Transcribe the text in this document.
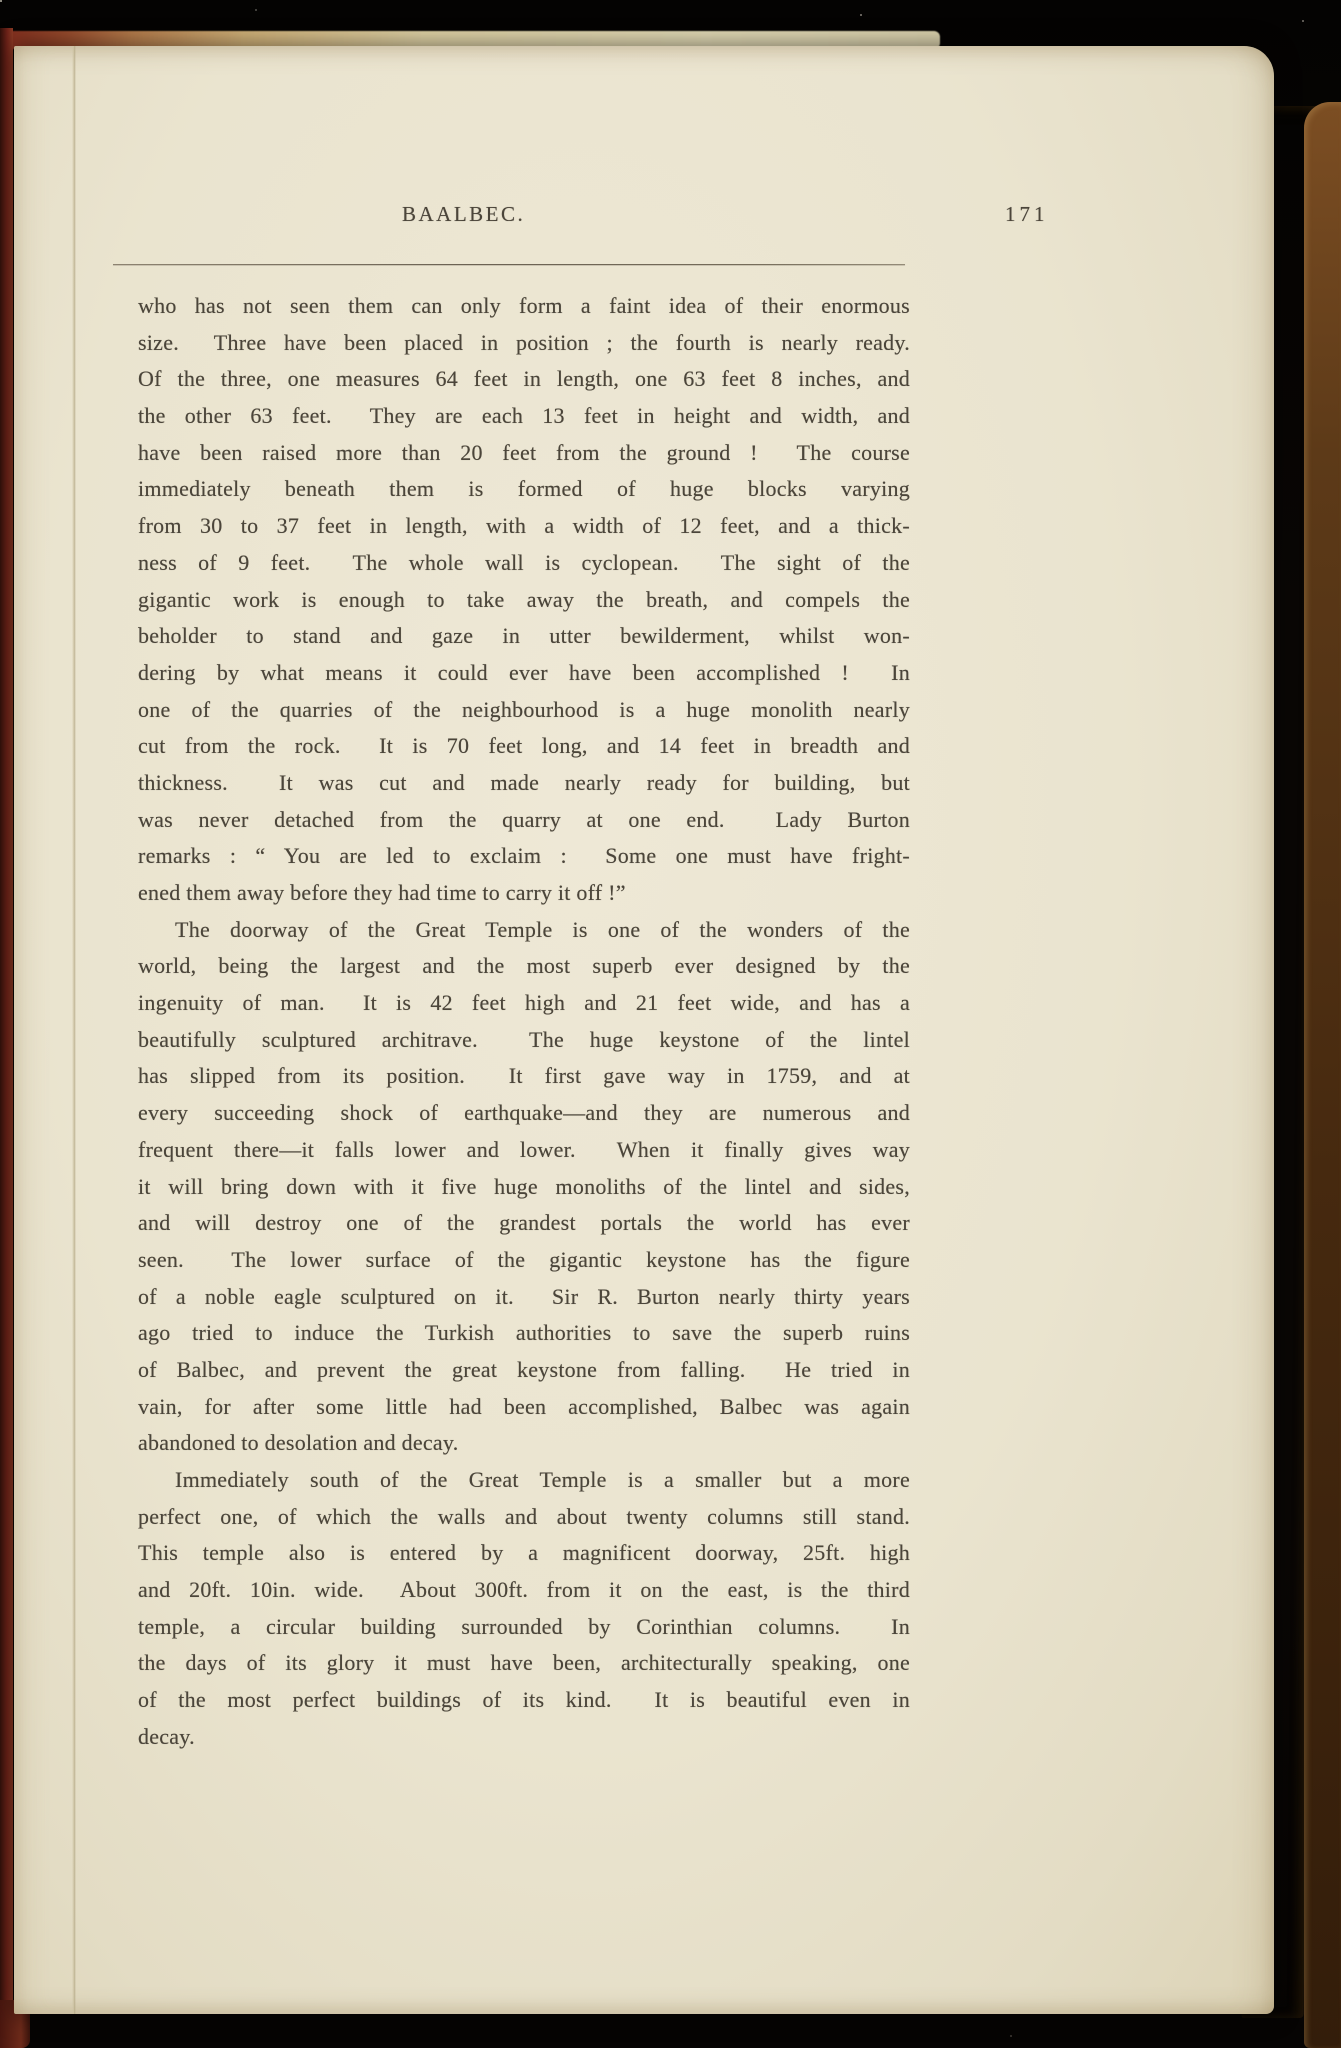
BAALBEC.	171
who has not seen them can only form a faint idea of their enormous
size.  Three have been placed in position ; the fourth is nearly ready.
Of the three, one measures 64 feet in length, one 63 feet 8 inches, and
the other 63 feet.  They are each 13 feet in height and width, and
have been raised more than 20 feet from the ground !  The course
immediately beneath them is formed of huge blocks varying
from 30 to 37 feet in length, with a width of 12 feet, and a thick-
ness of 9 feet.  The whole wall is cyclopean.  The sight of the
gigantic work is enough to take away the breath, and compels the
beholder to stand and gaze in utter bewilderment, whilst won-
dering by what means it could ever have been accomplished !  In
one of the quarries of the neighbourhood is a huge monolith nearly
cut from the rock.  It is 70 feet long, and 14 feet in breadth and
thickness.  It was cut and made nearly ready for building, but
was never detached from the quarry at one end.  Lady Burton
remarks : “ You are led to exclaim :  Some one must have fright-
ened them away before they had time to carry it off !”
The doorway of the Great Temple is one of the wonders of the
world, being the largest and the most superb ever designed by the
ingenuity of man.  It is 42 feet high and 21 feet wide, and has a
beautifully sculptured architrave.  The huge keystone of the lintel
has slipped from its position.  It first gave way in 1759, and at
every succeeding shock of earthquake—and they are numerous and
frequent there—it falls lower and lower.  When it finally gives way
it will bring down with it five huge monoliths of the lintel and sides,
and will destroy one of the grandest portals the world has ever
seen.  The lower surface of the gigantic keystone has the figure
of a noble eagle sculptured on it.  Sir R. Burton nearly thirty years
ago tried to induce the Turkish authorities to save the superb ruins
of Balbec, and prevent the great keystone from falling.  He tried in
vain, for after some little had been accomplished, Balbec was again
abandoned to desolation and decay.
Immediately south of the Great Temple is a smaller but a more
perfect one, of which the walls and about twenty columns still stand.
This temple also is entered by a magnificent doorway, 25ft. high
and 20ft. 10in. wide.  About 300ft. from it on the east, is the third
temple, a circular building surrounded by Corinthian columns.  In
the days of its glory it must have been, architecturally speaking, one
of the most perfect buildings of its kind.  It is beautiful even in
decay.
